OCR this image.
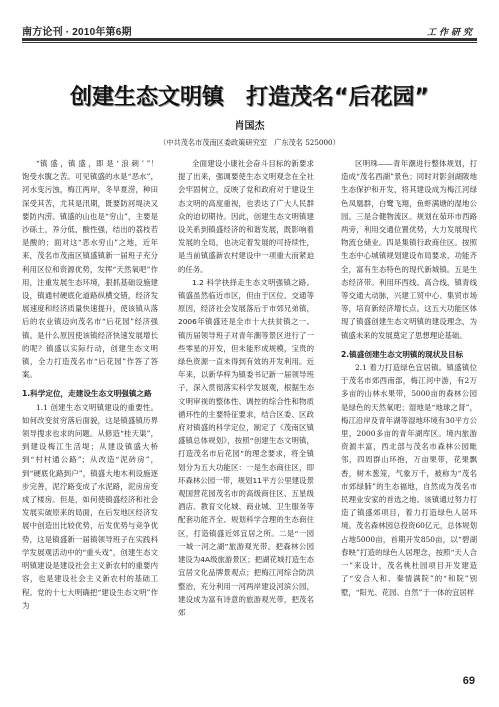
南方论刊 · 2010年第6期	工作研究
创建生态文明镇　打造茂名“后花园”
肖国杰
（中共茂名市茂南区委政策研究室　广东茂名 525000）

“镇 盛 ，镇 盛 ，即 是 ‘ 浪 刺 ’ ”！饱受水腹之苦。可见镇盛的水是“恶水”，河水变污浊，梅江两岸，冬旱夏涝，种田深受其苦，尤其是汛期，既要防河堤决又要防内涝。镇盛的山也是“穷山”，主要是沙砾土，养分低，酸性强，结出的荔枝若是酸的；面对这“恶水穷山”之地，近年来，茂名市茂南区镇盛镇新一届班子充分利用区位和资源优势，发挥“天然氧吧”作用，注重发展生态环境，狠抓基础设施建设，镇通村硬底化道路纵横交错，经济发展速度和经济质量快速提升，使该镇从落后的农业镇迈向茂名市“后花园”经济强镇。是什么原因使该镇经济快速发展增长的呢？镇盛以实际行动，创建生态文明镇，全力打造茂名市“后花园”作答了答案。

1.科学定位，走建设生态文明强镇之路

1.1 创建生态文明镇建设的重要性。如何改变贫穷落后面貌，这是镇盛镇历界领导搜求也求的问题。从修造“桂天渠”，到建设梅江生活堤；从建设镇盛大桥到“村村通公路”；从改造“泥砖房”，到“硬底化路到户”，镇盛大地木利设施逐步完善，泥泞路变成了水泥路，泥房房变成了楼房。但是，如何使镇盛经济和社会发展实破原来的局面，在后发地区经济发展中创造出比较优势，后发优势与竞争优势，这是镇盛新一届镇领导班子在实践科学发展观活动中的“重头戏”，创建生态文明镇建设是建设社会主义新农村的重要内容，也是建设社会主义新农村的基础工程。党的十七大明确把“建设生态文明”作为

全面建设小康社会奋斗目标的新要求提了出来，强调要使生态文明观念在全社会牢固树立，反映了党和政府对于建设生态文明的高度重视，也表达了广大人民群众的迫切期待。因此，创建生态文明镇建设关系到镇盛经济的和谐发展，既影响着发展的全局，也决定着发展的可持续性，是当前镇盛新农村建设中一项重大而紧迫的任务。

1.2 科学抉择走生态文明强镇之路。镇盛虽然临近市区，但由于区位、交通等原因，经济社会发展落后于市郊兄弟镇，2006年镇盛还是全市十大扶贫镇之一。镇历届领导班子对青年潮等景区进行了一些零星的开发，但未能形成规模，宝贵的绿色资源一直未得到有效的开发利用。近年来，以新华梓为镇委书记新一届领导班子，深入贯彻落实科学发展观，根据生态文明审视的整体性、调控的综合性和物质循环性的主要特征要求，结合区委、区政府对镇盛的科学定位，制定了《茂南区镇盛镇总体规划》，按照“创建生态文明镇，打造茂名市后花园”的理念要求，将全镇划分为五大功能区：一是生态商住区，即环森林公园一带，规划11平方公里建设景观国营花园茂名市的高级商住区、五星级酒店、教育文化城、商业城、卫生服务等配套功能齐全、规划科学合理的生态商住区，打造镇盛近郊宜居之所。二是“一园一城一河之湖”旅游观光带。把森林公园建设为4A级旅游景区；把湖花城打造生态宜居文化品牌景观点；把梅江河综合防洪整治，充分利用一河两岸建设河滨公园，建设成为富有诗意的旅游观光带，把茂名郊

区明珠——青年潮进行整体规划，打造成“茂名西湖”景色；同时对影剑湖陂地生态保护和开发，将其建设成为梅江河绿色凤凰群，白鹭飞翔，鱼虾满塘的湿地公园。三是合健物流区。规划在茹环市西路两旁，利用交通位置优势，大力发展现代物流仓储业。四是集镇行政商住区。按照生态中心城镇规划建设布局要求、功能齐全，富有生态特色的现代新城镇。五是生态经济带。利用环西线、高合线、镇青线等交通大动脉，兴建工贸中心、集贸市场等，培育新经济增长点。这五大功能区体现了镇盛创建生态文明镇的建设理念，为镇盛未来的发展奠定了思想理论基础。

2.镇盛创建生态文明镇的现状及目标

2.1 着力打造绿色宜居镇。镇盛镇位于茂名市郊西南部，梅江河中游，有2万多亩的山林水果带，5000亩的森林公园是绿色的天然氧吧；湿地是“地球之肾”，梅江沿岸及青年湖等湿地环境有30平方公里，2000多亩的青年湖库区。境内旅游资源丰富，西北部与茂名市森林公园毗邻，四周群山环抱，万亩果带，花果飘香，树木葱笼，气象万千，被称为“茂名市郊绿肺”的生态福地，自然成为茂名市民理业安家的首选之地。该镇通过努力打造了镇盛郊项目，着力打造绿色人居环境。茂名森林园总投资60亿元，总体规划占地5000亩，首期开发850亩，以“碧湖春映”打造的绿色人居理念，按照“天人合一”来设计，茂名桃杜园项目开发建造了“安合人和、秦情满院”的“和院”别墅，“阳光、花园、自然”于一体的宜居样

69
